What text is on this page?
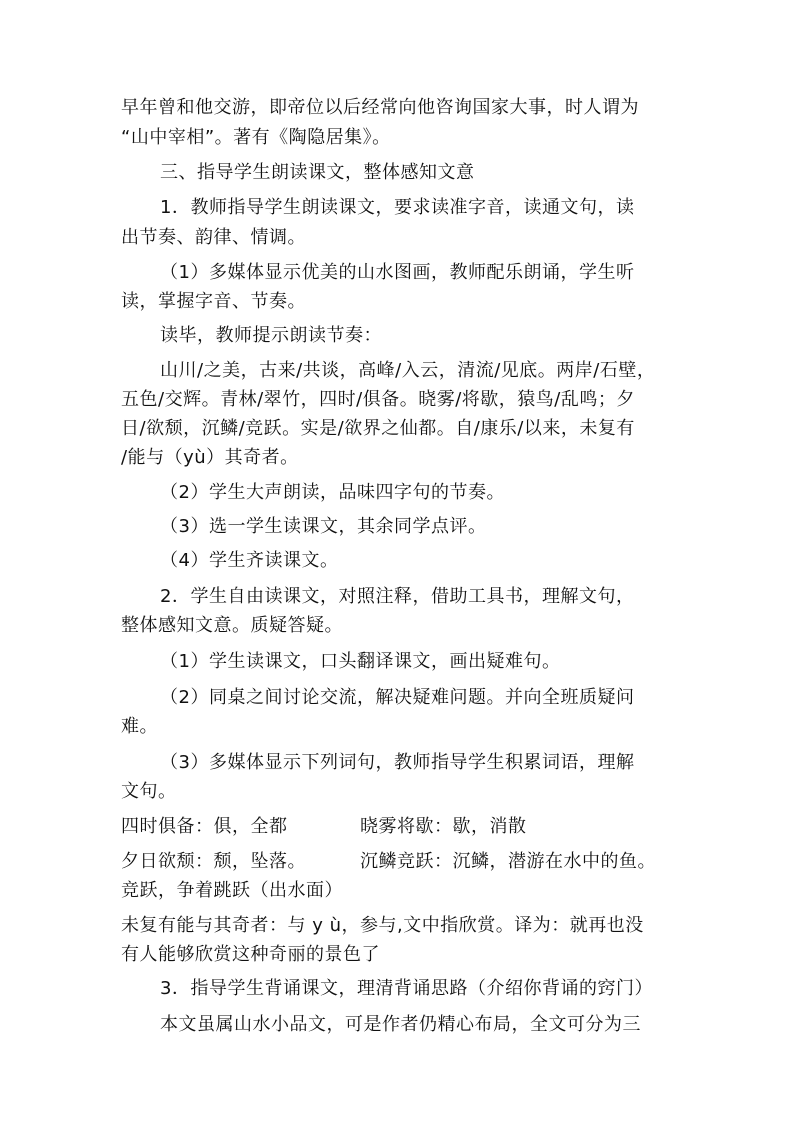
早年曾和他交游，即帝位以后经常向他咨询国家大事，时人谓为
“山中宰相”。著有《陶隐居集》。
三、指导学生朗读课文，整体感知文意
1．教师指导学生朗读课文，要求读准字音，读通文句，读
出节奏、韵律、情调。
（1）多媒体显示优美的山水图画，教师配乐朗诵，学生听
读，掌握字音、节奏。
读毕，教师提示朗读节奏：
山川/之美，古来/共谈，高峰/入云，清流/见底。两岸/石壁，
五色/交辉。青林/翠竹，四时/俱备。晓雾/将歇，猿鸟/乱鸣；夕
日/欲颓，沉鳞/竞跃。实是/欲界之仙都。自/康乐/以来，未复有
/能与（yù）其奇者。
（2）学生大声朗读，品味四字句的节奏。
（3）选一学生读课文，其余同学点评。
（4）学生齐读课文。
2．学生自由读课文，对照注释，借助工具书，理解文句，
整体感知文意。质疑答疑。
（1）学生读课文，口头翻译课文，画出疑难句。
（2）同桌之间讨论交流，解决疑难问题。并向全班质疑问
难。
（3）多媒体显示下列词句，教师指导学生积累词语，理解
文句。
四时俱备：俱，全都	晓雾将歇：歇，消散
夕日欲颓：颓，坠落。	沉鳞竞跃：沉鳞，潜游在水中的鱼。
竞跃，争着跳跃（出水面）
未复有能与其奇者：与 y ù，参与,文中指欣赏。译为：就再也没
有人能够欣赏这种奇丽的景色了
3．指导学生背诵课文，理清背诵思路（介绍你背诵的窍门）
本文虽属山水小品文，可是作者仍精心布局，全文可分为三
